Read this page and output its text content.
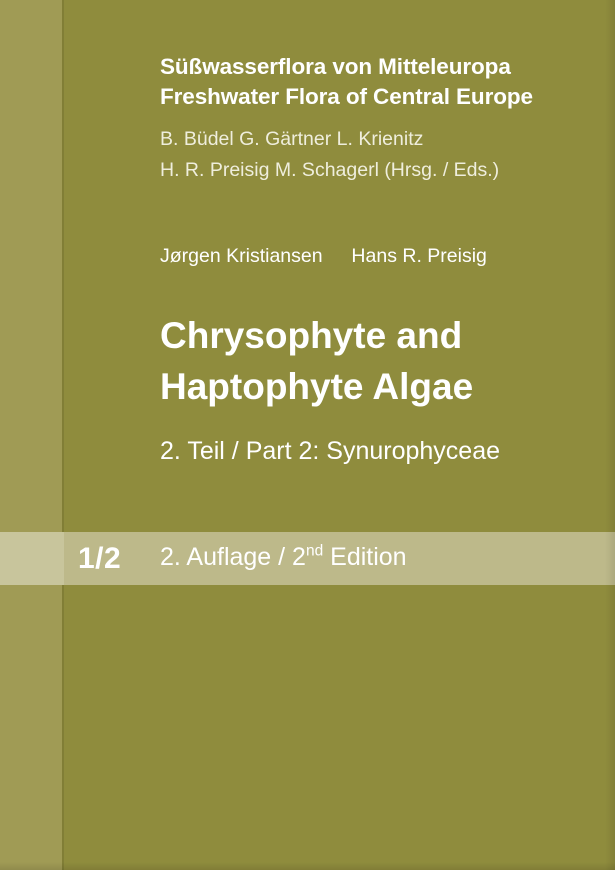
Süßwasserflora von Mitteleuropa
Freshwater Flora of Central Europe
B. Büdel G. Gärtner L. Krienitz
H. R. Preisig M. Schagerl (Hrsg. / Eds.)
Jørgen Kristiansen Hans R. Preisig
Chrysophyte and
Haptophyte Algae
2. Teil / Part 2: Synurophyceae
1/2 2. Auflage / 2nd Edition
